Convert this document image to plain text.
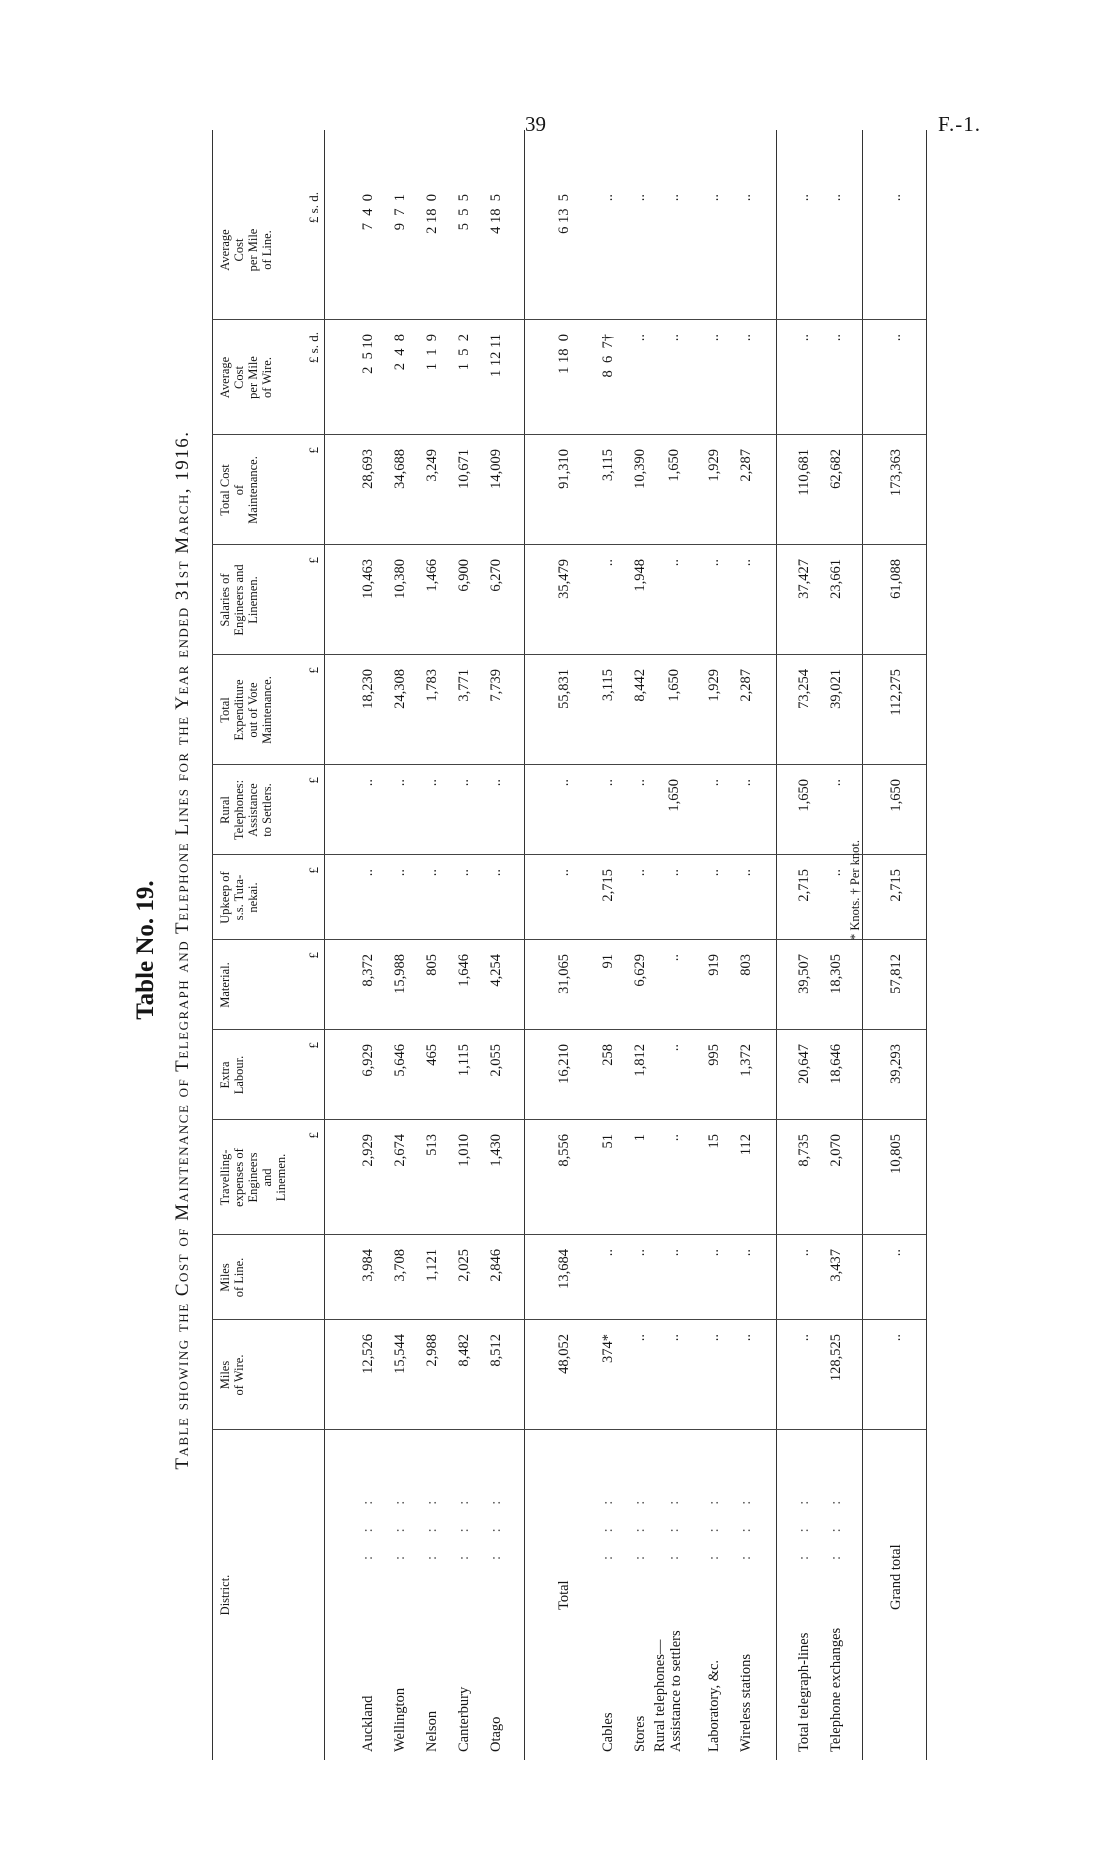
39	F.-1.
Table No. 19. Table showing the Cost of Maintenance of Telegraph and Telephone Lines for the Year ended 31st March, 1916.
District.
Miles
of Wire.
Miles
of Line.
Travelling-
expenses of
Engineers
and
Linemen.
Extra
Labour.
Material.
Upkeep of
s.s. Tuta-
nekai.
Rural
Telephones:
Assistance
to Settlers.
Total
Expenditure
out of Vote
Maintenance.
Salaries of
Engineers and
Linemen.
Total Cost
of
Maintenance.
Average
Cost
per Mile
of Wire.
Average
Cost
per Mile
of Line.
£
£
£
£
£
£
£
£
£ s. d.
£ s. d.
Auckland
12,526
3,984
2,929
6,929
8,372
..
..
18,230
10,463
28,693
2  5 10
7  4  0
: : :
Wellington
15,544
3,708
2,674
5,646
15,988
..
..
24,308
10,380
34,688
2  4  8
9  7  1
: : :
Nelson
2,988
1,121
513
465
805
..
..
1,783
1,466
3,249
1  1  9
2 18  0
: : :
Canterbury
8,482
2,025
1,010
1,115
1,646
..
..
3,771
6,900
10,671
1  5  2
5  5  5
: : :
Otago
8,512
2,846
1,430
2,055
4,254
..
..
7,739
6,270
14,009
1 12 11
4 18  5
: : :
Total
48,052
13,684
8,556
16,210
31,065
..
..
55,831
35,479
91,310
1 18  0
6 13  5
Cables
374*
..
51
258
91
2,715
..
3,115
..
3,115
8  6  7†
..
: : :
Stores
..
..
1
1,812
6,629
..
..
8,442
1,948
10,390
..
..
: : :
Rural telephones—
Assistance to settlers
..
..
..
..
..
..
1,650
1,650
..
1,650
..
..
: : :
Laboratory, &c.
..
..
15
995
919
..
..
1,929
..
1,929
..
..
: : :
Wireless stations
..
..
112
1,372
803
..
..
2,287
..
2,287
..
..
: : :
Total telegraph-lines
..
..
8,735
20,647
39,507
2,715
1,650
73,254
37,427
110,681
..
..
: : :
Telephone exchanges
128,525
3,437
2,070
18,646
18,305
..
..
39,021
23,661
62,682
..
..
: : :
Grand total
..
..
10,805
39,293
57,812
2,715
1,650
112,275
61,088
173,363
..
..
* Knots. † Per knot.
